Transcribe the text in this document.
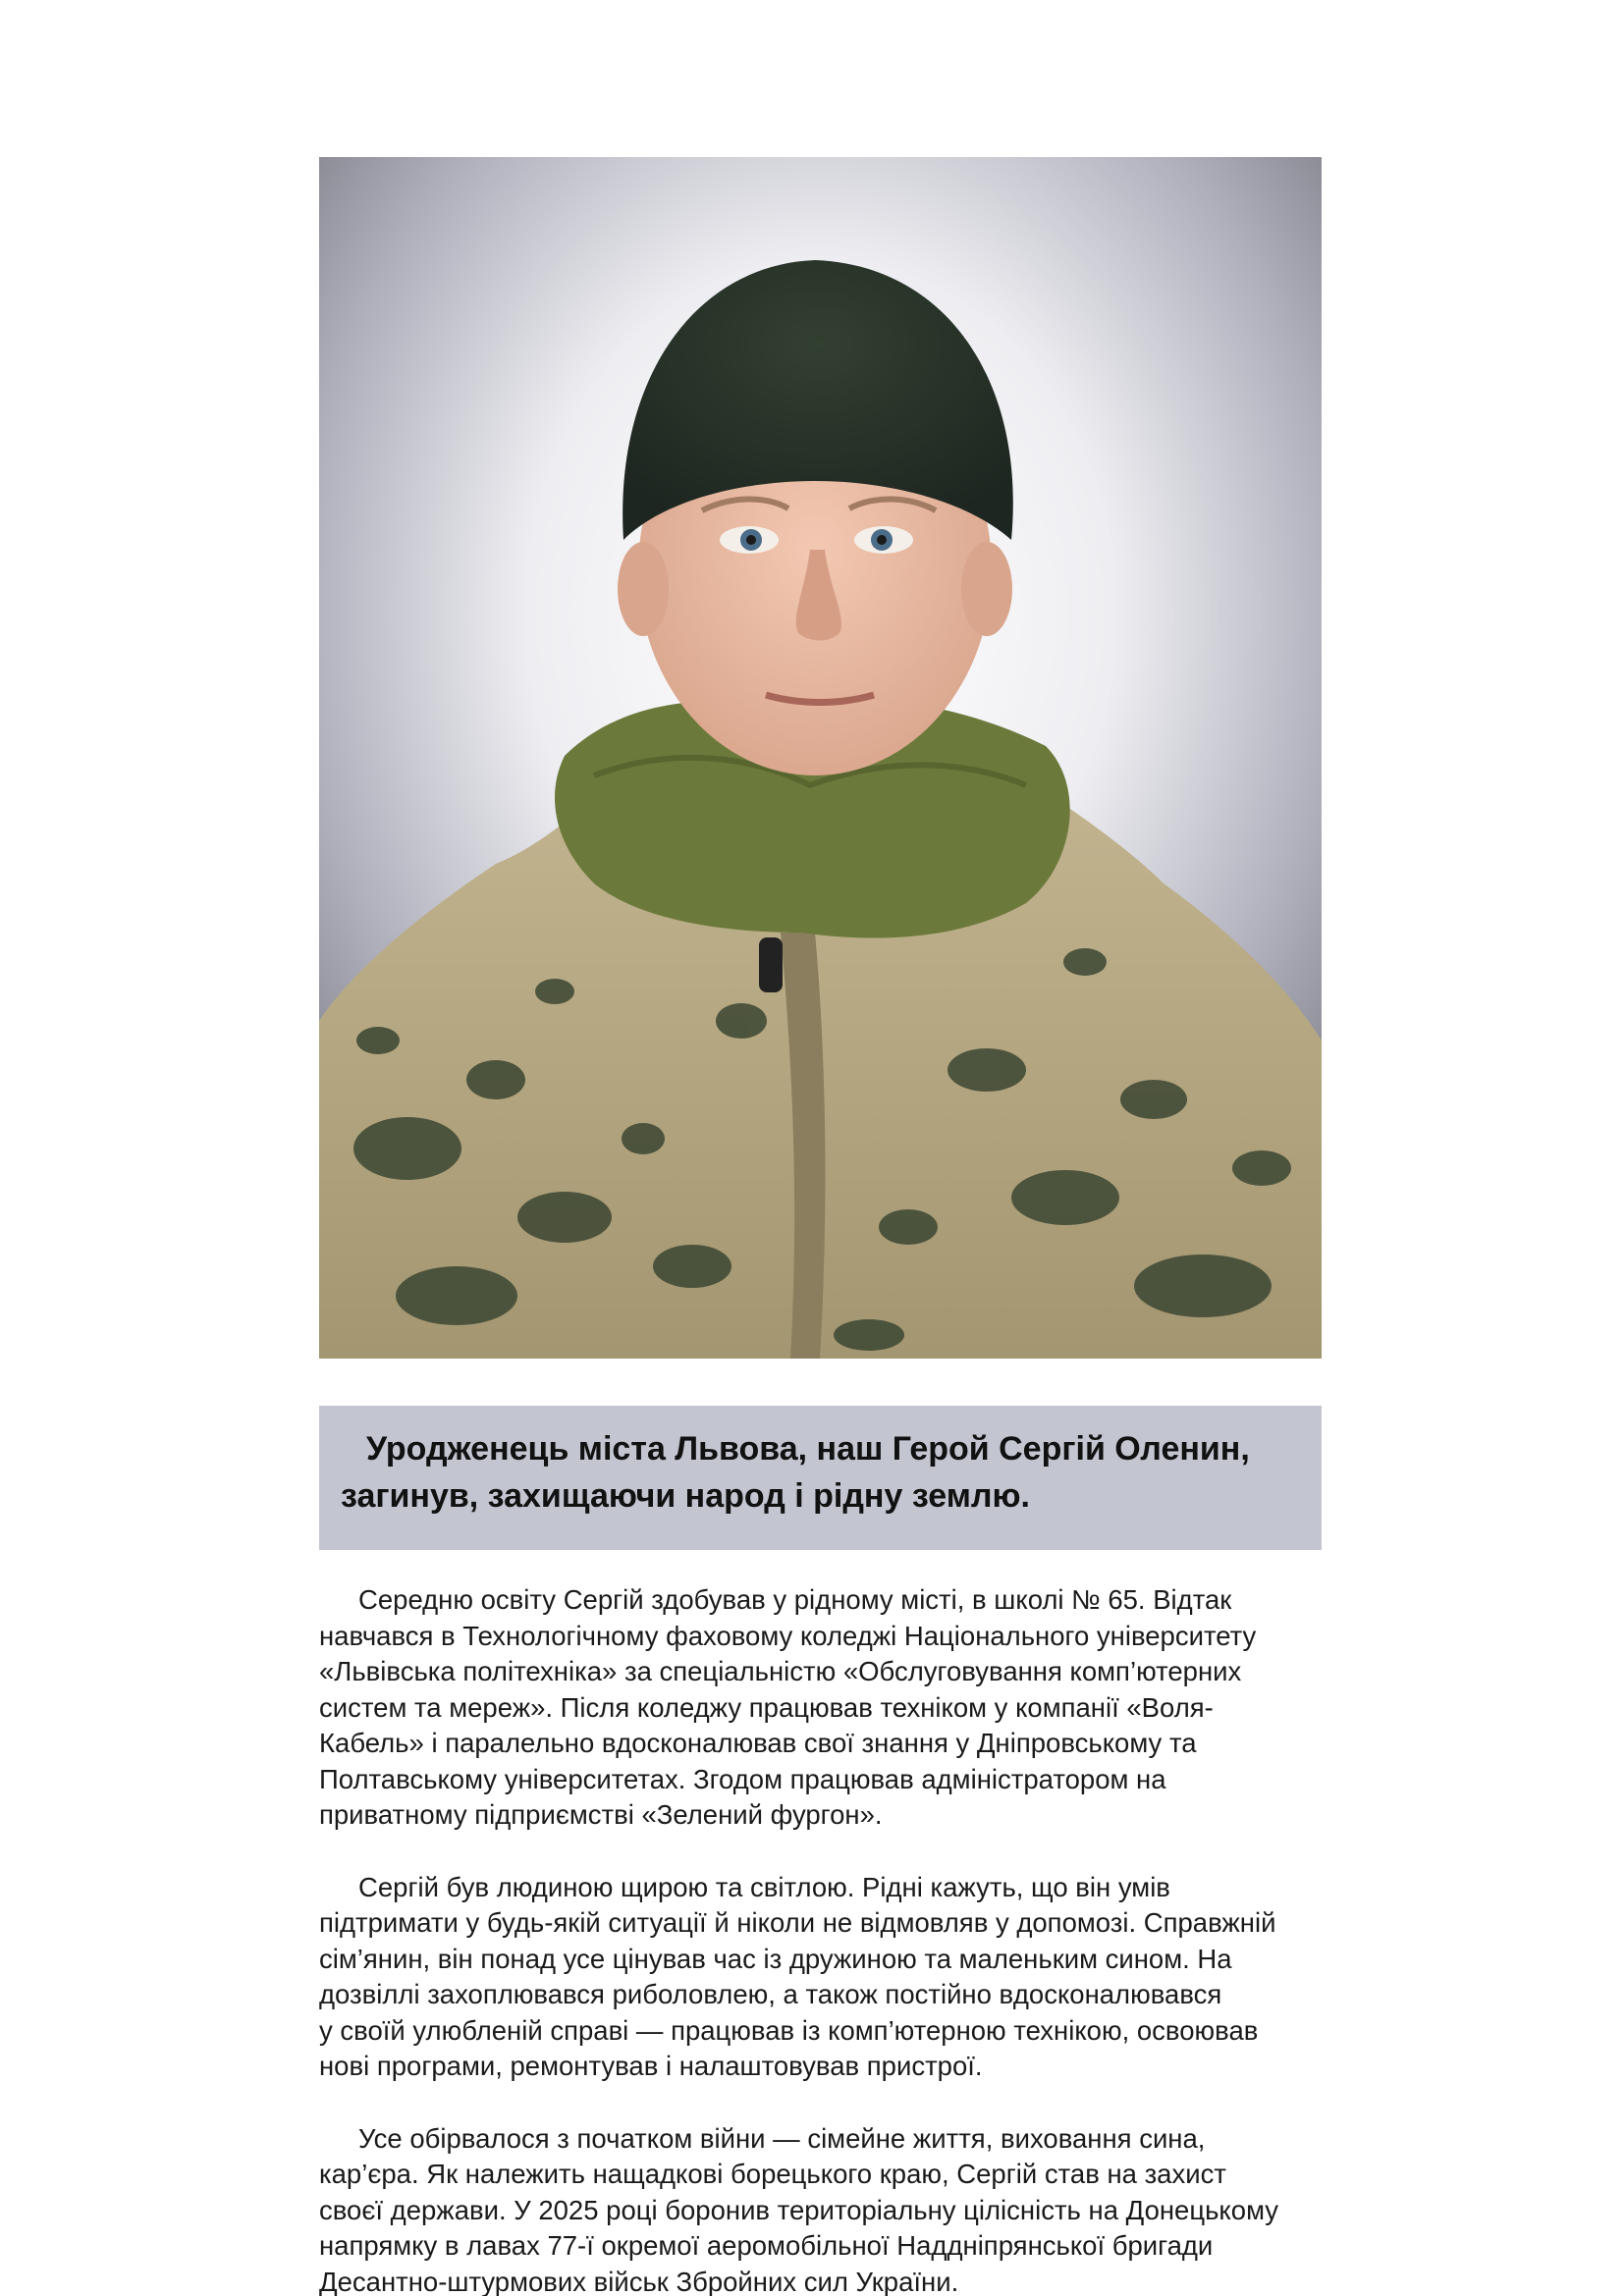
Уродженець міста Львова, наш Герой Сергій Оленин,
загинув, захищаючи народ і рідну землю.

Середню освіту Сергій здобував у рідному місті, в школі № 65. Відтак
навчався в Технологічному фаховому коледжі Національного університету
«Львівська політехніка» за спеціальністю «Обслуговування комп’ютерних
систем та мереж». Після коледжу працював техніком у компанії «Воля-
Кабель» і паралельно вдосконалював свої знання у Дніпровському та
Полтавському університетах. Згодом працював адміністратором на
приватному підприємстві «Зелений фургон».

Сергій був людиною щирою та світлою. Рідні кажуть, що він умів
підтримати у будь-якій ситуації й ніколи не відмовляв у допомозі. Справжній
сім’янин, він понад усе цінував час із дружиною та маленьким сином. На
дозвіллі захоплювався риболовлею, а також постійно вдосконалювався
у своїй улюбленій справі — працював із комп’ютерною технікою, освоював
нові програми, ремонтував і налаштовував пристрої.

Усе обірвалося з початком війни — сімейне життя, виховання сина,
кар’єра. Як належить нащадкові борецького краю, Сергій став на захист
своєї держави. У 2025 році боронив територіальну цілісність на Донецькому
напрямку в лавах 77-ї окремої аеромобільної Наддніпрянської бригади
Десантно-штурмових військ Збройних сил України.
